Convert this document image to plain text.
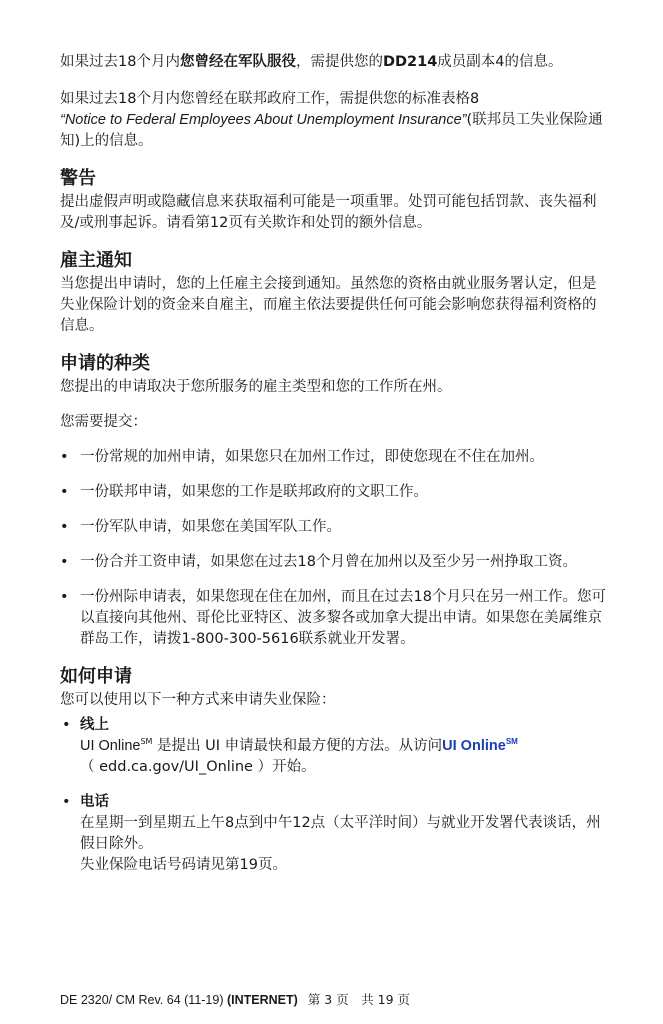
如果过去18个月内您曾经在军队服役，需提供您的DD214成员副本4的信息。

如果过去18个月内您曾经在联邦政府工作，需提供您的标准表格8
“Notice to Federal Employees About Unemployment Insurance”(联邦员工失业保险通知)上的信息。

警告

提出虚假声明或隐藏信息来获取福利可能是一项重罪。处罚可能包括罚款、丧失福利及/或刑事起诉。请看第12页有关欺诈和处罚的额外信息。

雇主通知

当您提出申请时，您的上任雇主会接到通知。虽然您的资格由就业服务署认定，但是失业保险计划的资金来自雇主，而雇主依法要提供任何可能会影响您获得福利资格的信息。

申请的种类

您提出的申请取决于您所服务的雇主类型和您的工作所在州。

您需要提交：

• 一份常规的加州申请，如果您只在加州工作过，即使您现在不住在加州。
• 一份联邦申请，如果您的工作是联邦政府的文职工作。
• 一份军队申请，如果您在美国军队工作。
• 一份合并工资申请，如果您在过去18个月曾在加州以及至少另一州挣取工资。
• 一份州际申请表，如果您现在住在加州，而且在过去18个月只在另一州工作。您可以直接向其他州、哥伦比亚特区、波多黎各或加拿大提出申请。如果您在美属维京群岛工作，请拨1-800-300-5616联系就业开发署。
如何申请

您可以使用以下一种方式来申请失业保险：

• 线上

UI Online℠ 是提出 UI 申请最快和最方便的方法。从访问UI Online℠
（ edd.ca.gov/UI_Online ）开始。

• 电话

在星期一到星期五上午8点到中午12点（太平洋时间）与就业开发署代表谈话，州假日除外。

失业保险电话号码请见第19页。

DE 2320/ CM Rev. 64 (11-19) (INTERNET) 第 3 页　共 19 页
